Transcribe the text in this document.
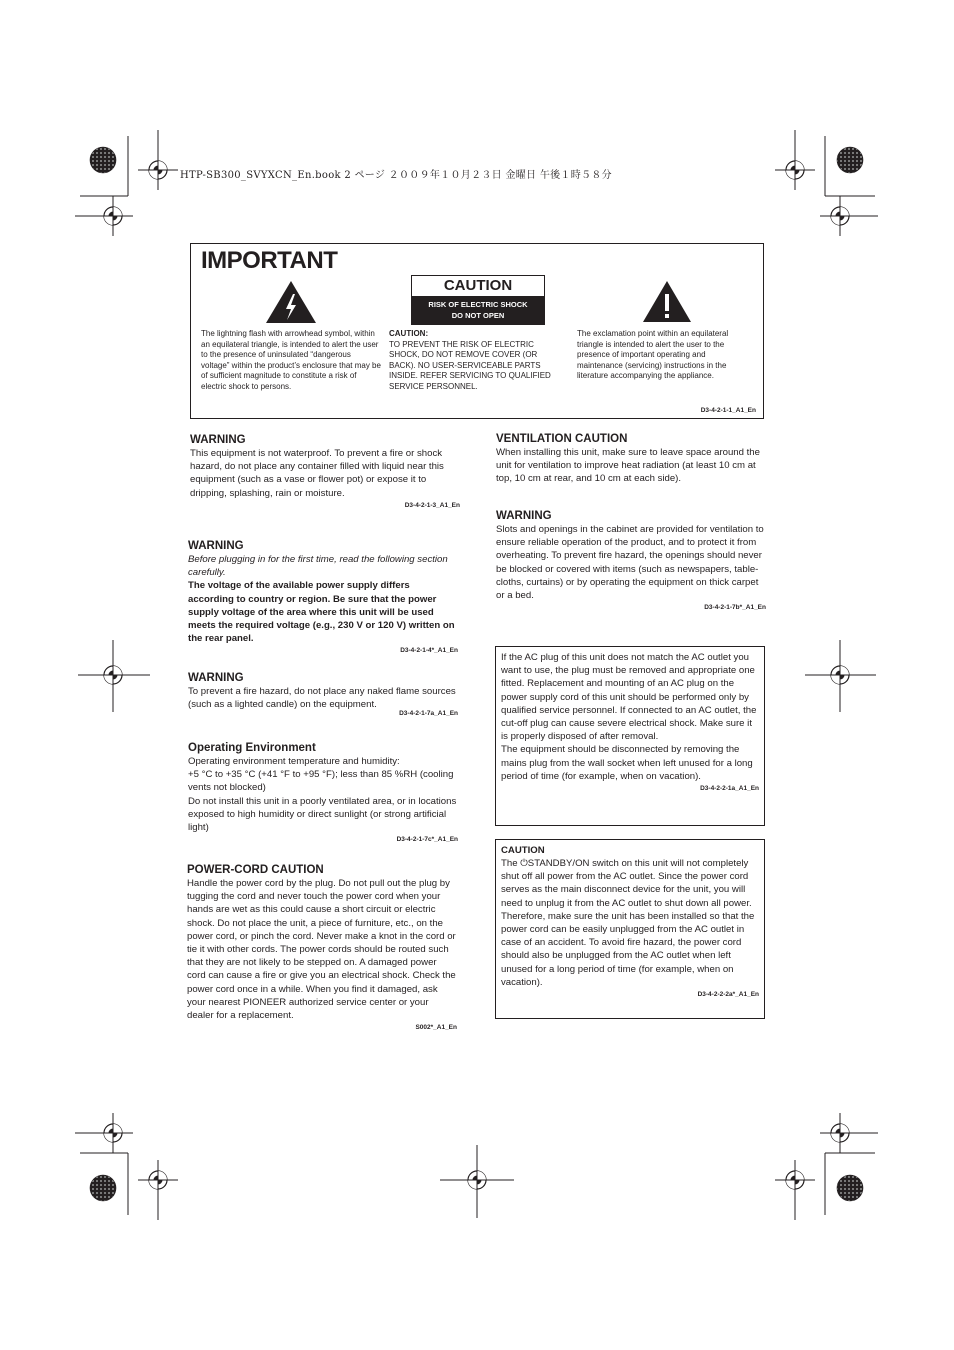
HTP-SB300_SVYXCN_En.book 2 ページ ２００９年１０月２３日 金曜日 午後１時５８分
IMPORTANT
CAUTION
RISK OF ELECTRIC SHOCK
DO NOT OPEN
The lightning flash with arrowhead symbol, within an equilateral triangle, is intended to alert the user to the presence of uninsulated “dangerous voltage” within the product’s enclosure that may be of sufficient magnitude to constitute a risk of electric shock to persons.
CAUTION:
TO PREVENT THE RISK OF ELECTRIC SHOCK, DO NOT REMOVE COVER (OR BACK). NO USER-SERVICEABLE PARTS INSIDE. REFER SERVICING TO QUALIFIED SERVICE PERSONNEL.
The exclamation point within an equilateral triangle is intended to alert the user to the presence of important operating and maintenance (servicing) instructions in the literature accompanying the appliance.
D3-4-2-1-1_A1_En
WARNING

This equipment is not waterproof. To prevent a fire or shock hazard, do not place any container filled with liquid near this equipment (such as a vase or flower pot) or expose it to dripping, splashing, rain or moisture.

D3-4-2-1-3_A1_En
WARNING

Before plugging in for the first time, read the following section carefully.

The voltage of the available power supply differs according to country or region. Be sure that the power supply voltage of the area where this unit will be used meets the required voltage (e.g., 230 V or 120 V) written on the rear panel.

D3-4-2-1-4*_A1_En
WARNING

To prevent a fire hazard, do not place any naked flame sources (such as a lighted candle) on the equipment.

D3-4-2-1-7a_A1_En
Operating Environment

Operating environment temperature and humidity:

+5 °C to +35 °C (+41 °F to +95 °F); less than 85 %RH (cooling vents not blocked)

Do not install this unit in a poorly ventilated area, or in locations exposed to high humidity or direct sunlight (or strong artificial light)

D3-4-2-1-7c*_A1_En
POWER-CORD CAUTION

Handle the power cord by the plug. Do not pull out the plug by tugging the cord and never touch the power cord when your hands are wet as this could cause a short circuit or electric shock. Do not place the unit, a piece of furniture, etc., on the power cord, or pinch the cord. Never make a knot in the cord or tie it with other cords. The power cords should be routed such that they are not likely to be stepped on. A damaged power cord can cause a fire or give you an electrical shock. Check the power cord once in a while. When you find it damaged, ask your nearest PIONEER authorized service center or your dealer for a replacement.

S002*_A1_En
VENTILATION CAUTION

When installing this unit, make sure to leave space around the unit for ventilation to improve heat radiation (at least 10 cm at top, 10 cm at rear, and 10 cm at each side).

WARNING

Slots and openings in the cabinet are provided for ventilation to ensure reliable operation of the product, and to protect it from overheating. To prevent fire hazard, the openings should never be blocked or covered with items (such as newspapers, table-cloths, curtains) or by operating the equipment on thick carpet or a bed.

D3-4-2-1-7b*_A1_En

If the AC plug of this unit does not match the AC outlet you want to use, the plug must be removed and appropriate one fitted. Replacement and mounting of an AC plug on the power supply cord of this unit should be performed only by qualified service personnel. If connected to an AC outlet, the cut-off plug can cause severe electrical shock. Make sure it is properly disposed of after removal.

The equipment should be disconnected by removing the mains plug from the wall socket when left unused for a long period of time (for example, when on vacation).

D3-4-2-2-1a_A1_En
CAUTION

The ⏻STANDBY/ON switch on this unit will not completely shut off all power from the AC outlet. Since the power cord serves as the main disconnect device for the unit, you will need to unplug it from the AC outlet to shut down all power. Therefore, make sure the unit has been installed so that the power cord can be easily unplugged from the AC outlet in case of an accident. To avoid fire hazard, the power cord should also be unplugged from the AC outlet when left unused for a long period of time (for example, when on vacation).

D3-4-2-2-2a*_A1_En
